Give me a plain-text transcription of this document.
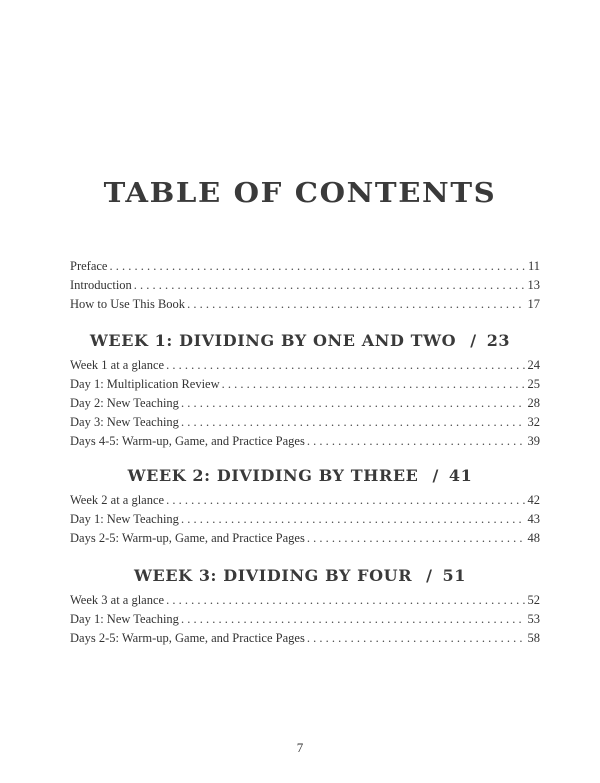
TABLE OF CONTENTS
Preface . . .	11
Introduction . . .	13
How to Use This Book . . .	17
WEEK 1: DIVIDING BY ONE AND TWO / 23
Week 1 at a glance . . .	24
Day 1: Multiplication Review . . .	25
Day 2: New Teaching . . .	28
Day 3: New Teaching . . .	32
Days 4-5: Warm-up, Game, and Practice Pages . . .	39
WEEK 2: DIVIDING BY THREE / 41
Week 2 at a glance . . .	42
Day 1: New Teaching . . .	43
Days 2-5: Warm-up, Game, and Practice Pages . . .	48
WEEK 3: DIVIDING BY FOUR / 51
Week 3 at a glance . . .	52
Day 1: New Teaching . . .	53
Days 2-5: Warm-up, Game, and Practice Pages . . .	58
7
